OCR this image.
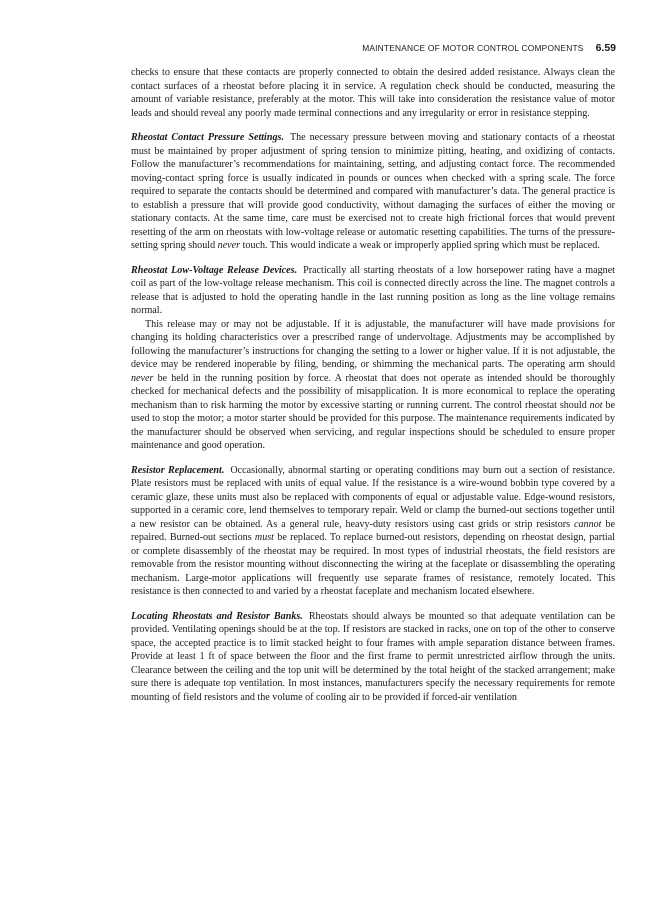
MAINTENANCE OF MOTOR CONTROL COMPONENTS 6.59

checks to ensure that these contacts are properly connected to obtain the desired added resistance. Always clean the contact surfaces of a rheostat before placing it in service. A regulation check should be conducted, measuring the amount of variable resistance, preferably at the motor. This will take into consideration the resistance value of motor leads and should reveal any poorly made terminal connections and any irregularity or error in resistance stepping.

Rheostat Contact Pressure Settings. The necessary pressure between moving and stationary contacts of a rheostat must be maintained by proper adjustment of spring tension to minimize pitting, heating, and oxidizing of contacts. Follow the manufacturer’s recommendations for maintaining, setting, and adjusting contact force. The recommended moving-contact spring force is usually indicated in pounds or ounces when checked with a spring scale. The force required to separate the contacts should be determined and compared with manufacturer’s data. The general practice is to establish a pressure that will provide good conductivity, without damaging the surfaces of either the moving or stationary contacts. At the same time, care must be exercised not to create high frictional forces that would prevent resetting of the arm on rheostats with low-voltage release or automatic resetting capabilities. The turns of the pressure-setting spring should never touch. This would indicate a weak or improperly applied spring which must be replaced.

Rheostat Low-Voltage Release Devices. Practically all starting rheostats of a low horsepower rating have a magnet coil as part of the low-voltage release mechanism. This coil is connected directly across the line. The magnet controls a release that is adjusted to hold the operating handle in the last running position as long as the line voltage remains normal.

This release may or may not be adjustable. If it is adjustable, the manufacturer will have made provisions for changing its holding characteristics over a prescribed range of undervoltage. Adjustments may be accomplished by following the manufacturer’s instructions for changing the setting to a lower or higher value. If it is not adjustable, the device may be rendered inoperable by filing, bending, or shimming the mechanical parts. The operating arm should never be held in the running position by force. A rheostat that does not operate as intended should be thoroughly checked for mechanical defects and the possibility of misapplication. It is more economical to replace the operating mechanism than to risk harming the motor by excessive starting or running current. The control rheostat should not be used to stop the motor; a motor starter should be provided for this purpose. The maintenance requirements indicated by the manufacturer should be observed when servicing, and regular inspections should be scheduled to ensure proper maintenance and good operation.

Resistor Replacement. Occasionally, abnormal starting or operating conditions may burn out a section of resistance. Plate resistors must be replaced with units of equal value. If the resistance is a wire-wound bobbin type covered by a ceramic glaze, these units must also be replaced with components of equal or adjustable value. Edge-wound resistors, supported in a ceramic core, lend themselves to temporary repair. Weld or clamp the burned-out sections together until a new resistor can be obtained. As a general rule, heavy-duty resistors using cast grids or strip resistors cannot be repaired. Burned-out sections must be replaced. To replace burned-out resistors, depending on rheostat design, partial or complete disassembly of the rheostat may be required. In most types of industrial rheostats, the field resistors are removable from the resistor mounting without disconnecting the wiring at the faceplate or disassembling the operating mechanism. Large-motor applications will frequently use separate frames of resistance, remotely located. This resistance is then connected to and varied by a rheostat faceplate and mechanism located elsewhere.

Locating Rheostats and Resistor Banks. Rheostats should always be mounted so that adequate ventilation can be provided. Ventilating openings should be at the top. If resistors are stacked in racks, one on top of the other to conserve space, the accepted practice is to limit stacked height to four frames with ample separation distance between frames. Provide at least 1 ft of space between the floor and the first frame to permit unrestricted airflow through the units. Clearance between the ceiling and the top unit will be determined by the total height of the stacked arrangement; make sure there is adequate top ventilation. In most instances, manufacturers specify the necessary requirements for remote mounting of field resistors and the volume of cooling air to be provided if forced-air ventilation
